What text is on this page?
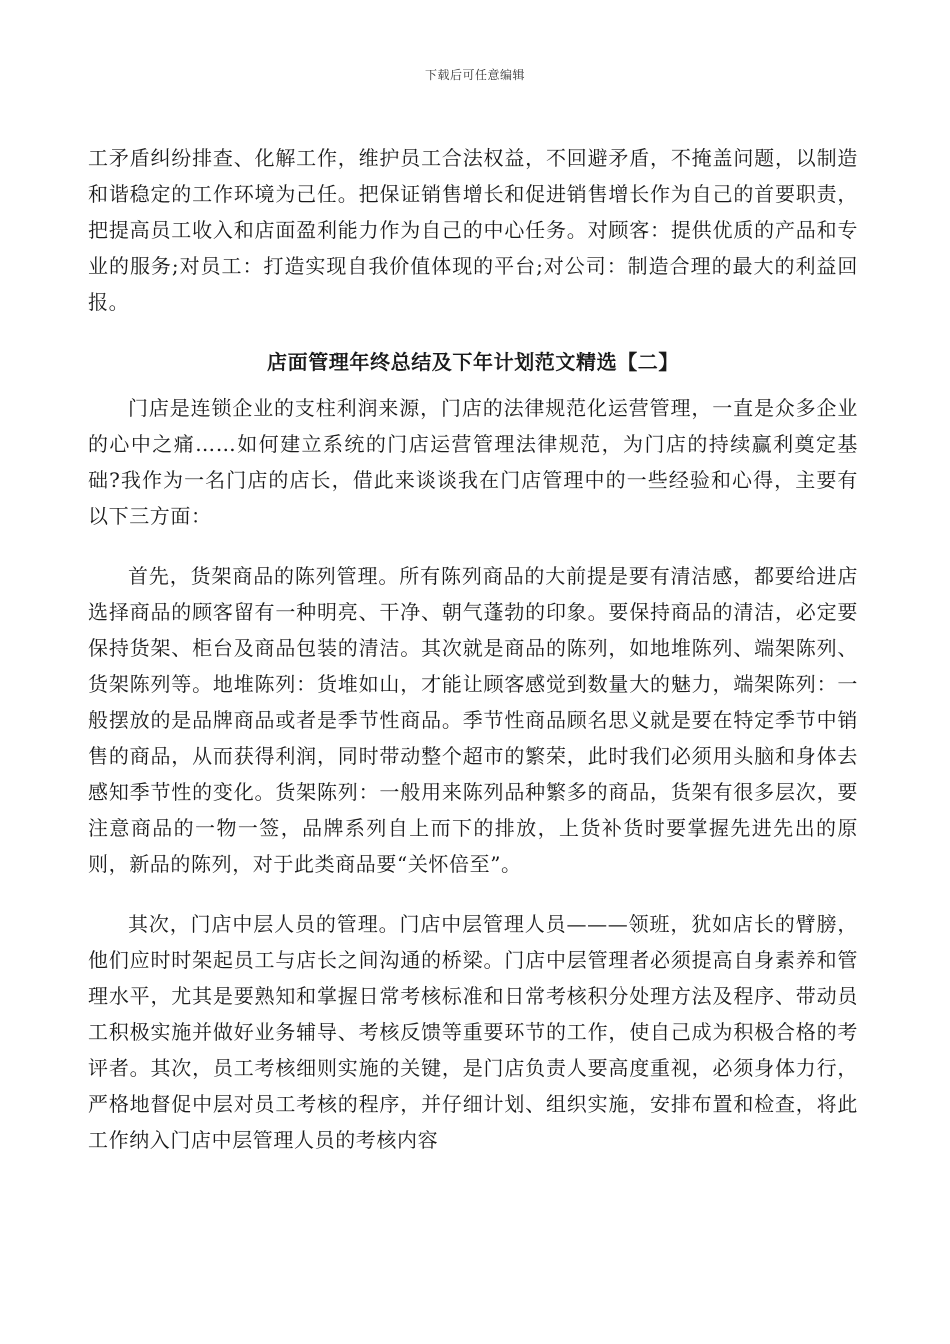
下载后可任意编辑

工矛盾纠纷排查、化解工作，维护员工合法权益，不回避矛盾，不掩盖问题，以制造和谐稳定的工作环境为己任。把保证销售增长和促进销售增长作为自己的首要职责，把提高员工收入和店面盈利能力作为自己的中心任务。对顾客：提供优质的产品和专业的服务;对员工：打造实现自我价值体现的平台;对公司：制造合理的最大的利益回报。

店面管理年终总结及下年计划范文精选【二】

门店是连锁企业的支柱利润来源，门店的法律规范化运营管理，一直是众多企业的心中之痛……如何建立系统的门店运营管理法律规范，为门店的持续赢利奠定基础?我作为一名门店的店长，借此来谈谈我在门店管理中的一些经验和心得，主要有以下三方面：

首先，货架商品的陈列管理。所有陈列商品的大前提是要有清洁感，都要给进店选择商品的顾客留有一种明亮、干净、朝气蓬勃的印象。要保持商品的清洁，必定要保持货架、柜台及商品包装的清洁。其次就是商品的陈列，如地堆陈列、端架陈列、货架陈列等。地堆陈列：货堆如山，才能让顾客感觉到数量大的魅力，端架陈列：一般摆放的是品牌商品或者是季节性商品。季节性商品顾名思义就是要在特定季节中销售的商品，从而获得利润，同时带动整个超市的繁荣，此时我们必须用头脑和身体去感知季节性的变化。货架陈列：一般用来陈列品种繁多的商品，货架有很多层次，要注意商品的一物一签，品牌系列自上而下的排放，上货补货时要掌握先进先出的原则，新品的陈列，对于此类商品要“关怀倍至”。

其次，门店中层人员的管理。门店中层管理人员———领班，犹如店长的臂膀，他们应时时架起员工与店长之间沟通的桥梁。门店中层管理者必须提高自身素养和管理水平，尤其是要熟知和掌握日常考核标准和日常考核积分处理方法及程序、带动员工积极实施并做好业务辅导、考核反馈等重要环节的工作，使自己成为积极合格的考评者。其次，员工考核细则实施的关键，是门店负责人要高度重视，必须身体力行，严格地督促中层对员工考核的程序，并仔细计划、组织实施，安排布置和检查，将此工作纳入门店中层管理人员的考核内容
